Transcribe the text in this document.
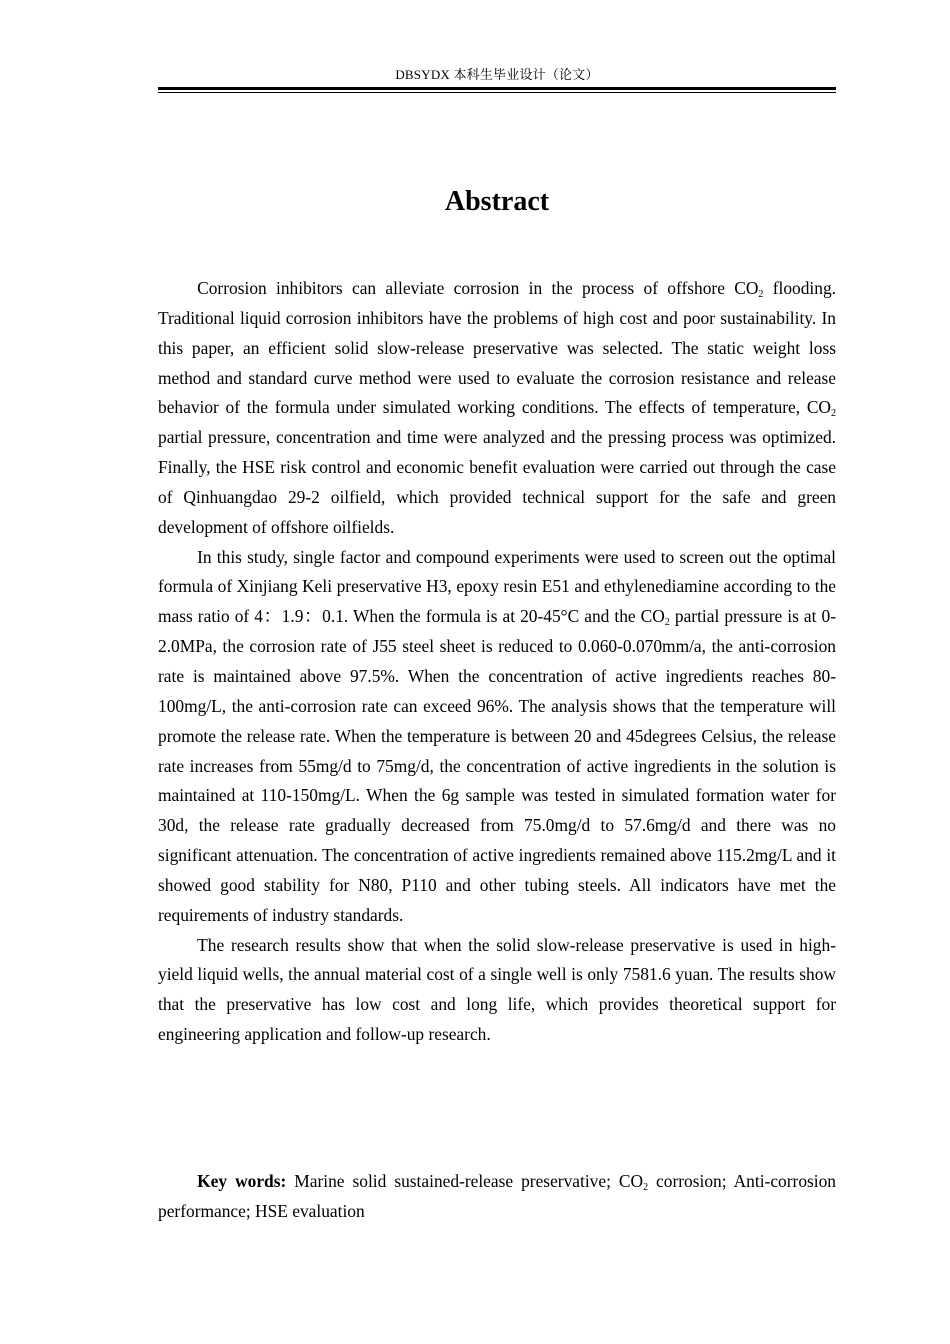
DBSYDX 本科生毕业设计（论文）
Abstract

Corrosion inhibitors can alleviate corrosion in the process of offshore $CO_2$ flooding. Traditional liquid corrosion inhibitors have the problems of high cost and poor sustainability. In this paper, an efficient solid slow-release preservative was selected. The static weight loss method and standard curve method were used to evaluate the corrosion resistance and release behavior of the formula under simulated working conditions. The effects of temperature, $CO_2$ partial pressure, concentration and time were analyzed and the pressing process was optimized. Finally, the HSE risk control and economic benefit evaluation were carried out through the case of Qinhuangdao 29-2 oilfield, which provided technical support for the safe and green development of offshore oilfields.

In this study, single factor and compound experiments were used to screen out the optimal formula of Xinjiang Keli preservative H3, epoxy resin E51 and ethylenediamine according to the mass ratio of 4：1.9：0.1. When the formula is at 20-45°C and the $CO_2$ partial pressure is at 0-2.0MPa, the corrosion rate of J55 steel sheet is reduced to 0.060-0.070mm/a, the anti-corrosion rate is maintained above 97.5%. When the concentration of active ingredients reaches 80-100mg/L, the anti-corrosion rate can exceed 96%. The analysis shows that the temperature will promote the release rate. When the temperature is between 20 and 45degrees Celsius, the release rate increases from 55mg/d to 75mg/d, the concentration of active ingredients in the solution is maintained at 110-150mg/L. When the 6g sample was tested in simulated formation water for 30d, the release rate gradually decreased from 75.0mg/d to 57.6mg/d and there was no significant attenuation. The concentration of active ingredients remained above 115.2mg/L and it showed good stability for N80, P110 and other tubing steels. All indicators have met the requirements of industry standards.

The research results show that when the solid slow-release preservative is used in high-yield liquid wells, the annual material cost of a single well is only 7581.6 yuan. The results show that the preservative has low cost and long life, which provides theoretical support for engineering application and follow-up research.

Key words: Marine solid sustained-release preservative; $CO_2$ corrosion; Anti-corrosion performance; HSE evaluation
